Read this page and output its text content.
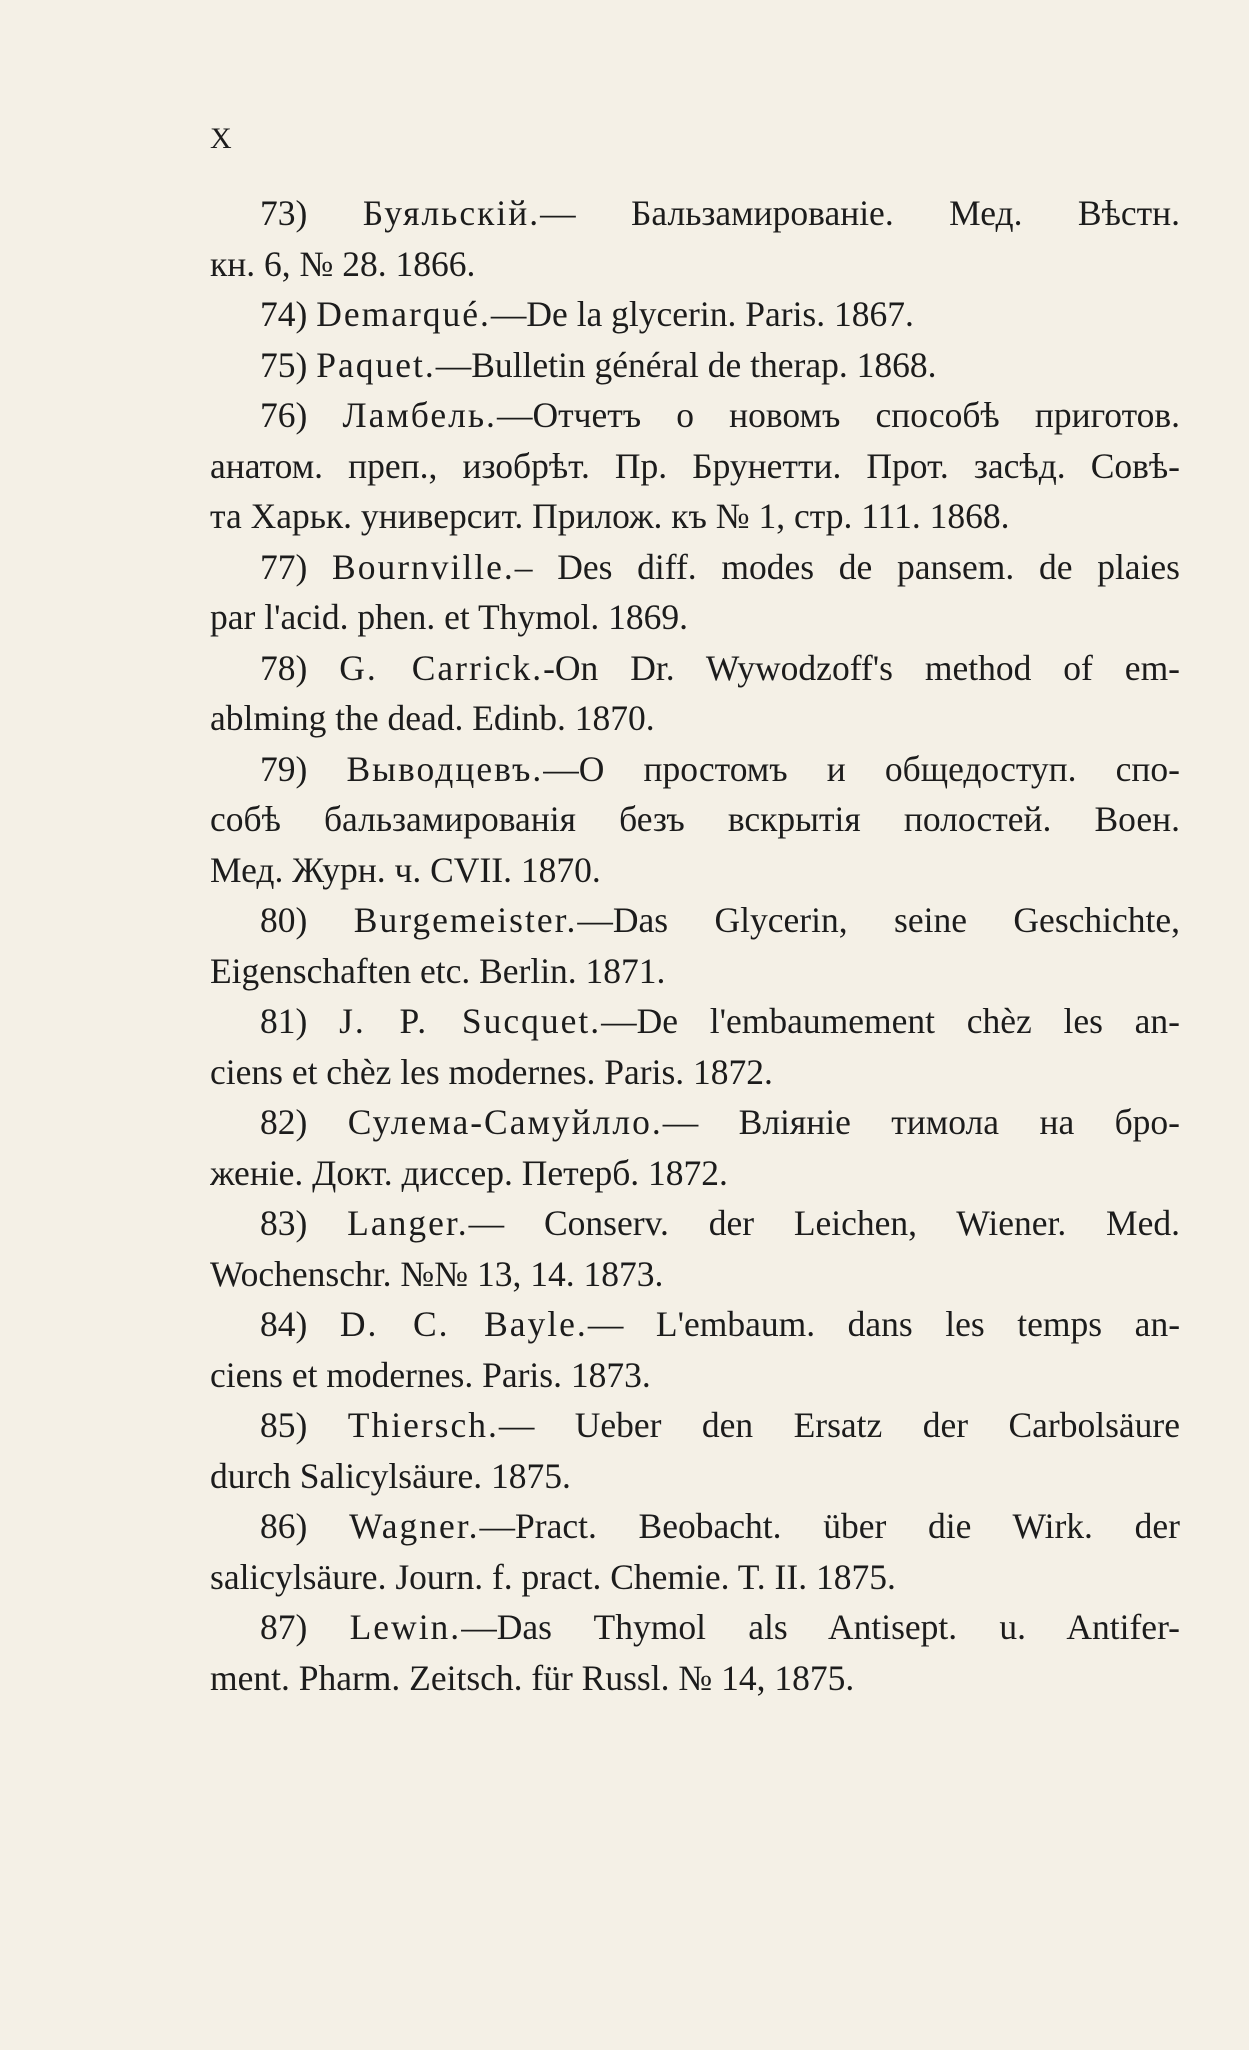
X
73) Буяльскій.— Бальзамированіе. Мед. Вѣстн.
кн. 6, № 28. 1866.
74) Demarqué.—De la glycerin. Paris. 1867.
75) Paquet.—Bulletin général de therap. 1868.
76) Ламбель.—Отчетъ о новомъ способѣ приготов.
анатом. преп., изобрѣт. Пр. Брунетти. Прот. засѣд. Совѣ-
та Харьк. университ. Прилож. къ № 1, стр. 111. 1868.
77) Bournville.– Des diff. modes de pansem. de plaies
par l'acid. phen. et Thymol. 1869.
78) G. Carrick.-On Dr. Wywodzoff's method of em-
ablming the dead. Edinb. 1870.
79) Выводцевъ.—О простомъ и общедоступ. спо-
собѣ бальзамированія безъ вскрытія полостей. Воен.
Мед. Журн. ч. CVII. 1870.
80) Burgemeister.—Das Glycerin, seine Geschichte,
Eigenschaften etc. Berlin. 1871.
81) J. P. Sucquet.—De l'embaumement chèz les an-
ciens et chèz les modernes. Paris. 1872.
82) Сулема-Самуйлло.— Вліяніе тимола на бро-
женіе. Докт. диссер. Петерб. 1872.
83) Langer.— Conserv. der Leichen, Wiener. Med.
Wochenschr. №№ 13, 14. 1873.
84) D. C. Bayle.— L'embaum. dans les temps an-
ciens et modernes. Paris. 1873.
85) Thiersch.— Ueber den Ersatz der Carbolsäure
durch Salicylsäure. 1875.
86) Wagner.—Pract. Beobacht. über die Wirk. der
salicylsäure. Journ. f. pract. Chemie. T. II. 1875.
87) Lewin.—Das Thymol als Antisept. u. Antifer-
ment. Pharm. Zeitsch. für Russl. № 14, 1875.
